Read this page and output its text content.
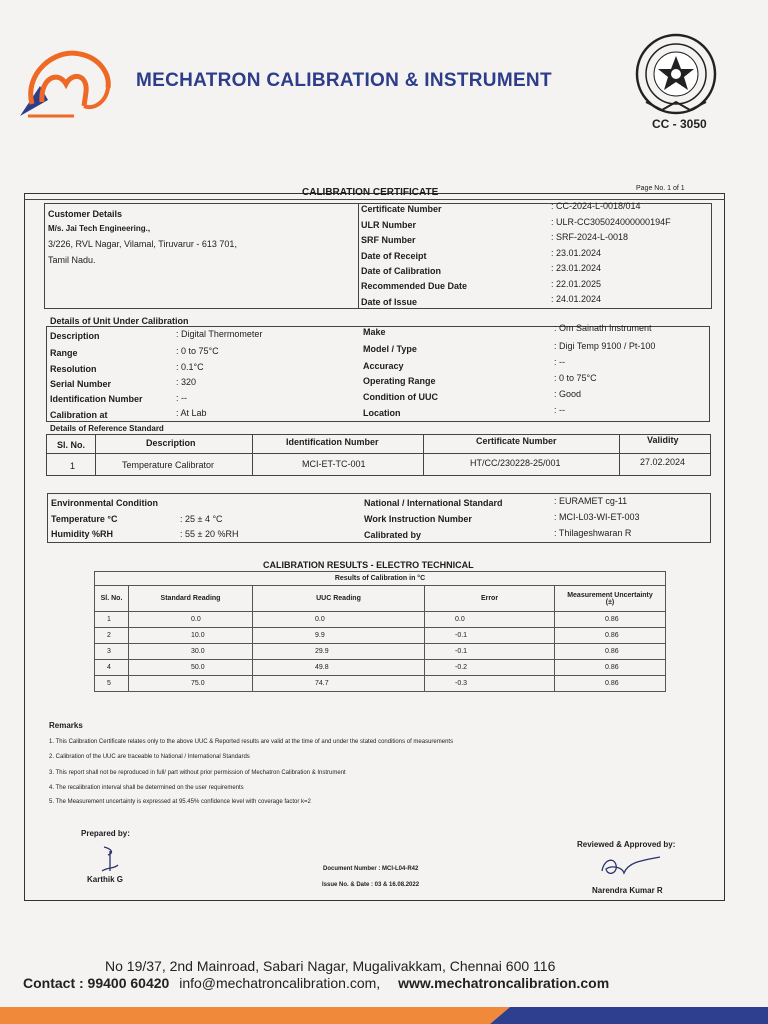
MECHATRON CALIBRATION & INSTRUMENT
CC - 3050
CALIBRATION CERTIFICATE	Page No. 1 of 1
Customer Details
M/s. Jai Tech Engineering.,
3/226, RVL Nagar, Vilamal, Tiruvarur - 613 701,
Tamil Nadu.
Certificate Number	: CC-2024-L-0018/014
ULR Number	: ULR-CC305024000000194F
SRF Number	: SRF-2024-L-0018
Date of Receipt	: 23.01.2024
Date of Calibration	: 23.01.2024
Recommended Due Date	: 22.01.2025
Date of Issue	: 24.01.2024
Details of Unit Under Calibration
Description	: Digital Thermometer
Range	: 0 to 75°C
Resolution	: 0.1°C
Serial Number	: 320
Identification Number	: --
Calibration at	: At Lab
Make	: Om Sainath Instrument
Model / Type	: Digi Temp 9100 / Pt-100
Accuracy	: --
Operating Range	: 0 to 75°C
Condition of UUC	: Good
Location	: --
Details of Reference Standard
Sl. No.	Description	Identification Number	Certificate Number	Validity
1	Temperature Calibrator	MCI-ET-TC-001	HT/CC/230228-25/001	27.02.2024
Environmental Condition
Temperature °C	: 25 ± 4 °C
Humidity %RH	: 55 ± 20 %RH
National / International Standard	: EURAMET cg-11
Work Instruction Number	: MCI-L03-WI-ET-003
Calibrated by	: Thilageshwaran R
CALIBRATION RESULTS - ELECTRO TECHNICAL
Results of Calibration in °C				
Sl. No.	Standard Reading	UUC Reading	Error	Measurement Uncertainty
(±)
1	0.0	0.0	0.0	0.86
2	10.0	9.9	-0.1	0.86
3	30.0	29.9	-0.1	0.86
4	50.0	49.8	-0.2	0.86
5	75.0	74.7	-0.3	0.86
Remarks
1. This Calibration Certificate relates only to the above UUC & Reported results are valid at the time of and under the stated conditions of measurements
2. Calibration of the UUC are traceable to National / International Standards
3. This report shall not be reproduced in full/ part without prior permission of Mechatron Calibration & Instrument
4. The recalibration interval shall be determined on the user requirements
5. The Measurement uncertainty is expressed at 95.45% confidence level with coverage factor k=2
Prepared by:
Karthik G
Document Number : MCI-L04-R42
Issue No. & Date : 03 & 16.08.2022
Reviewed & Approved by:
Narendra Kumar R
No 19/37, 2nd Mainroad, Sabari Nagar, Mugalivakkam, Chennai 600 116
Contact : 99400 60420 info@mechatroncalibration.com, www.mechatroncalibration.com
